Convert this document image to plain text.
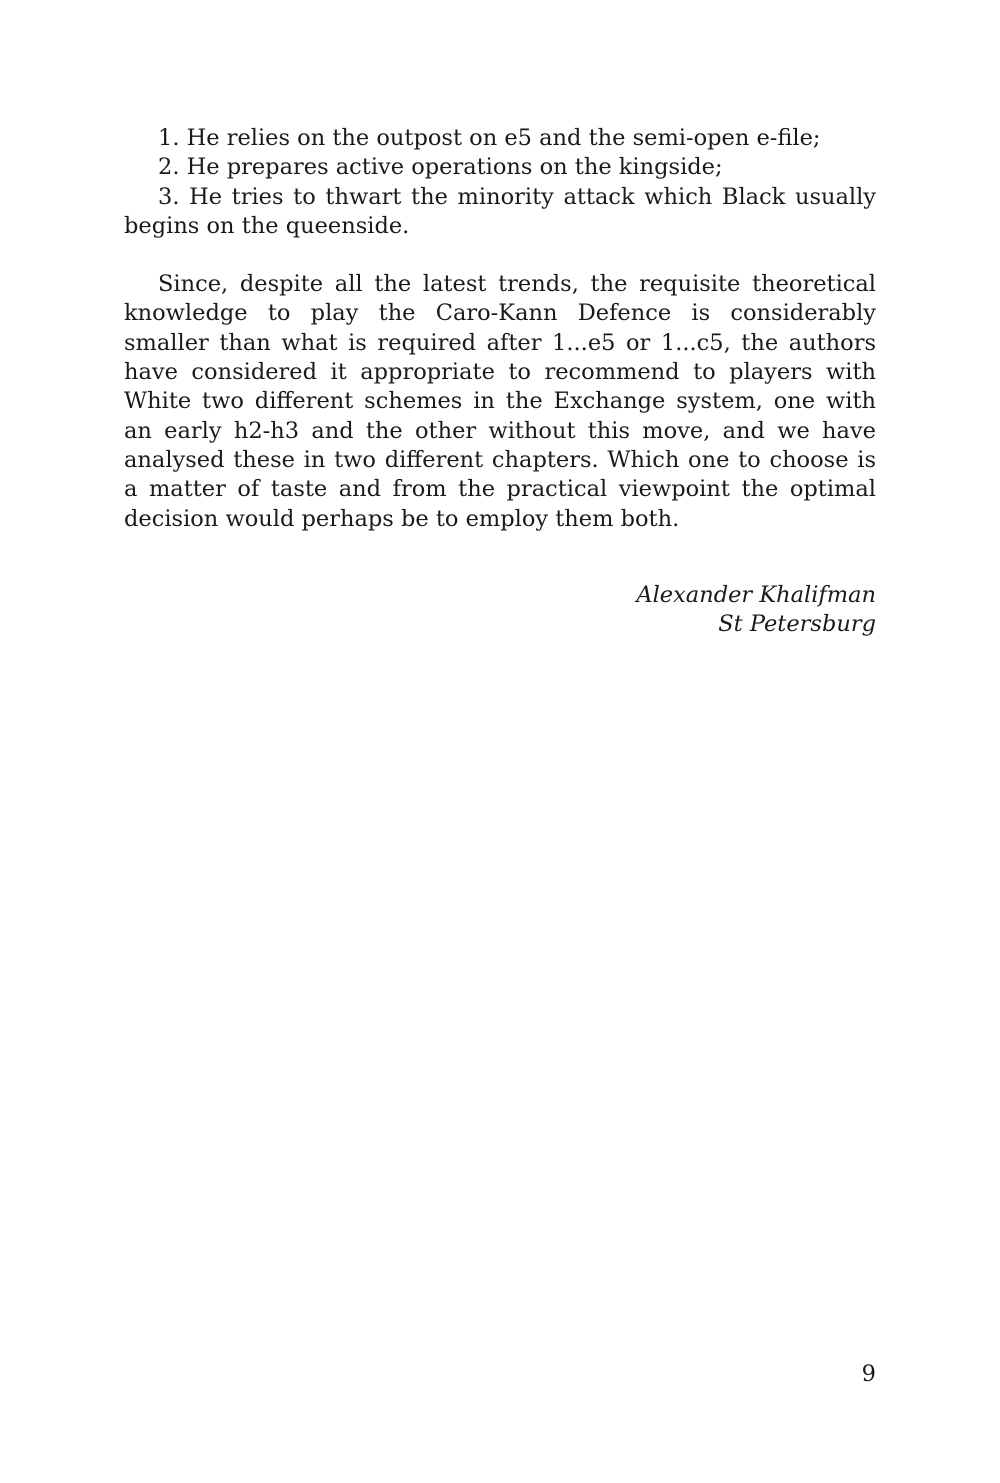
1. He relies on the outpost on e5 and the semi-open e-file;

2. He prepares active operations on the kingside;

3. He tries to thwart the minority attack which Black usually begins on the queenside.

Since, despite all the latest trends, the requisite theoretical knowledge to play the Caro-Kann Defence is considerably smaller than what is required after 1...e5 or 1...c5, the authors have considered it appropriate to recommend to players with White two different schemes in the Exchange system, one with an early h2-h3 and the other without this move, and we have analysed these in two different chapters. Which one to choose is a matter of taste and from the practical viewpoint the optimal decision would perhaps be to employ them both.

Alexander Khalifman
St Petersburg
9
